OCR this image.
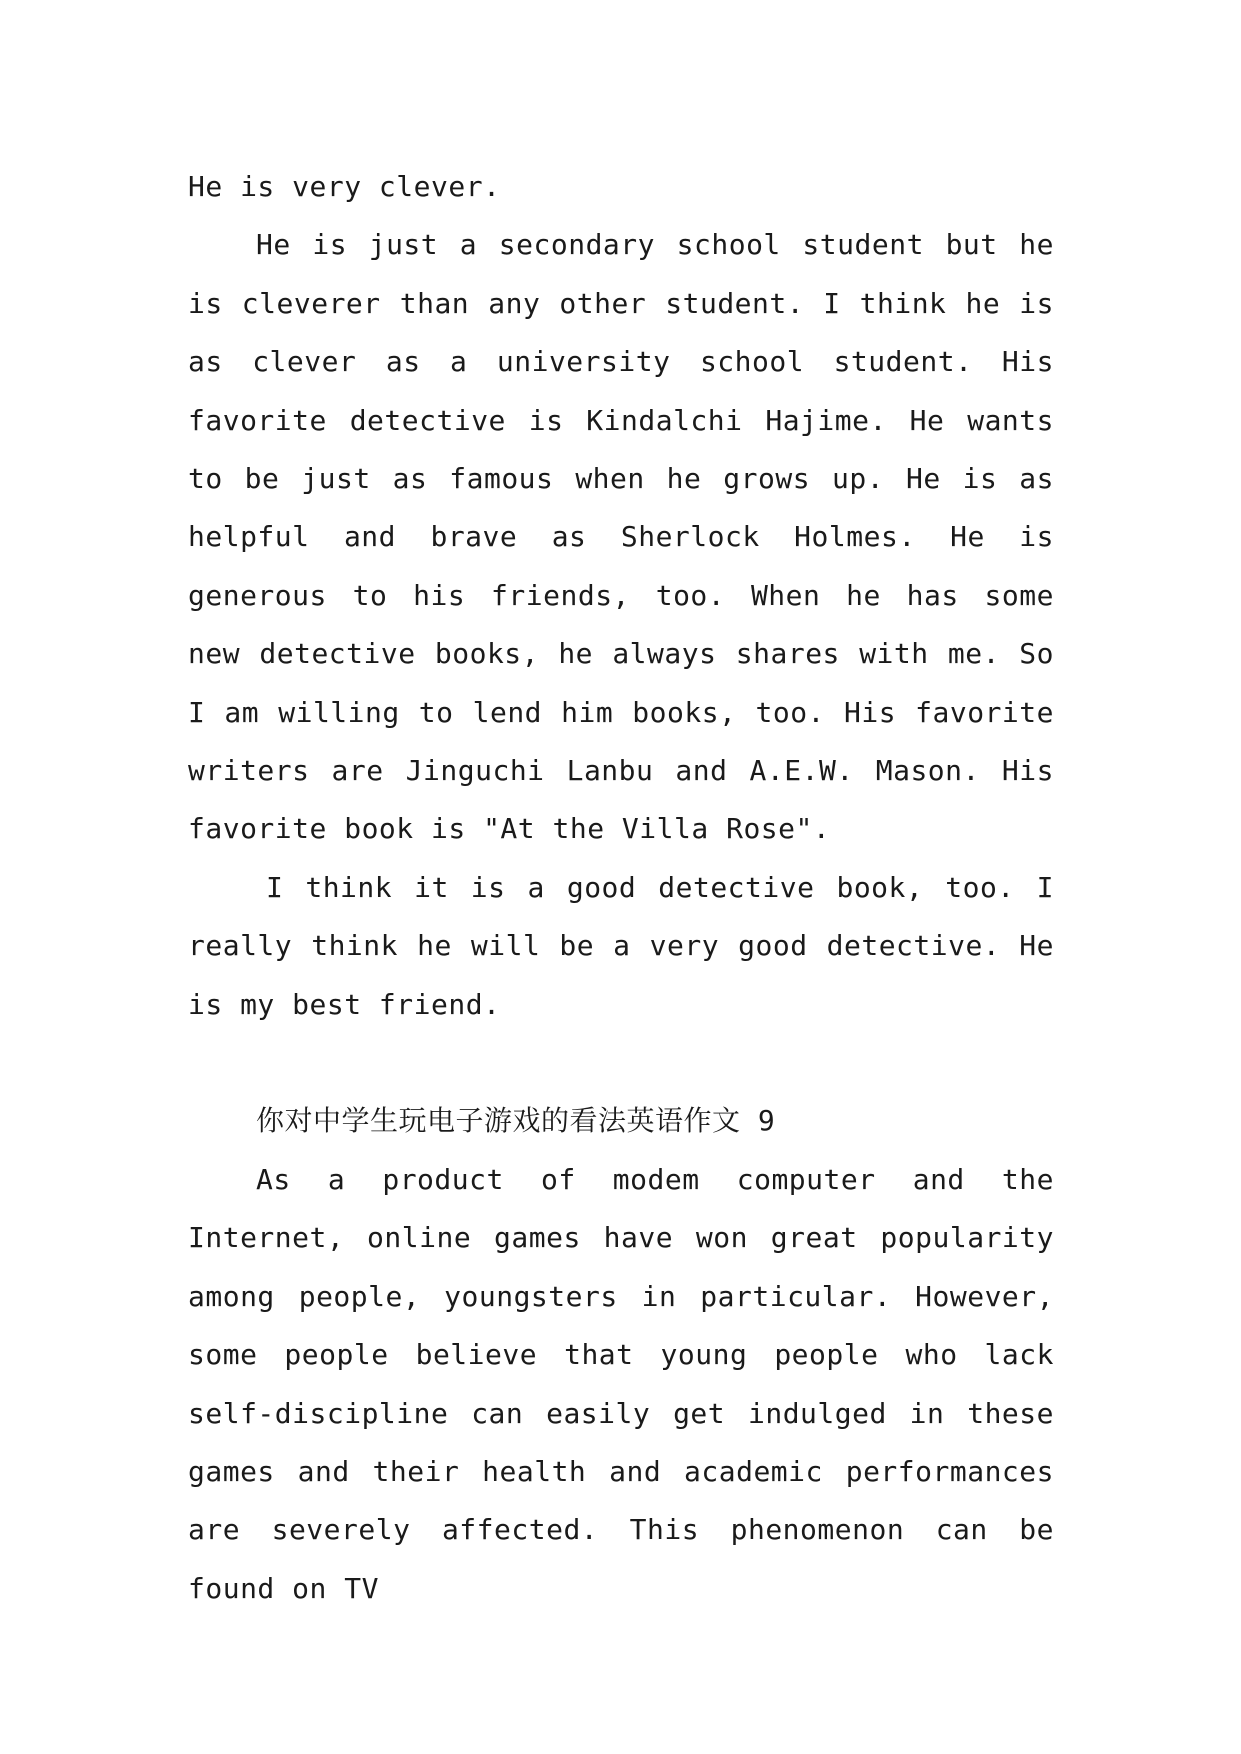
He is very clever.

He is just a secondary school student but he is cleverer than any other student. I think he is as clever as a university school student. His favorite detective is Kindalchi Hajime. He wants to be just as famous when he grows up. He is as helpful and brave as Sherlock Holmes. He is generous to his friends, too. When he has some new detective books, he always shares with me. So I am willing to lend him books, too. His favorite writers are Jinguchi Lanbu and A.E.W. Mason. His favorite book is "At the Villa Rose".

I think it is a good detective book, too. I really think he will be a very good detective. He is my best friend.

你对中学生玩电子游戏的看法英语作文 9

As a product of modem computer and the Internet, online games have won great popularity among people, youngsters in particular. However, some people believe that young people who lack self-discipline can easily get indulged in these games and their health and academic performances are severely affected. This phenomenon can be found on TV
